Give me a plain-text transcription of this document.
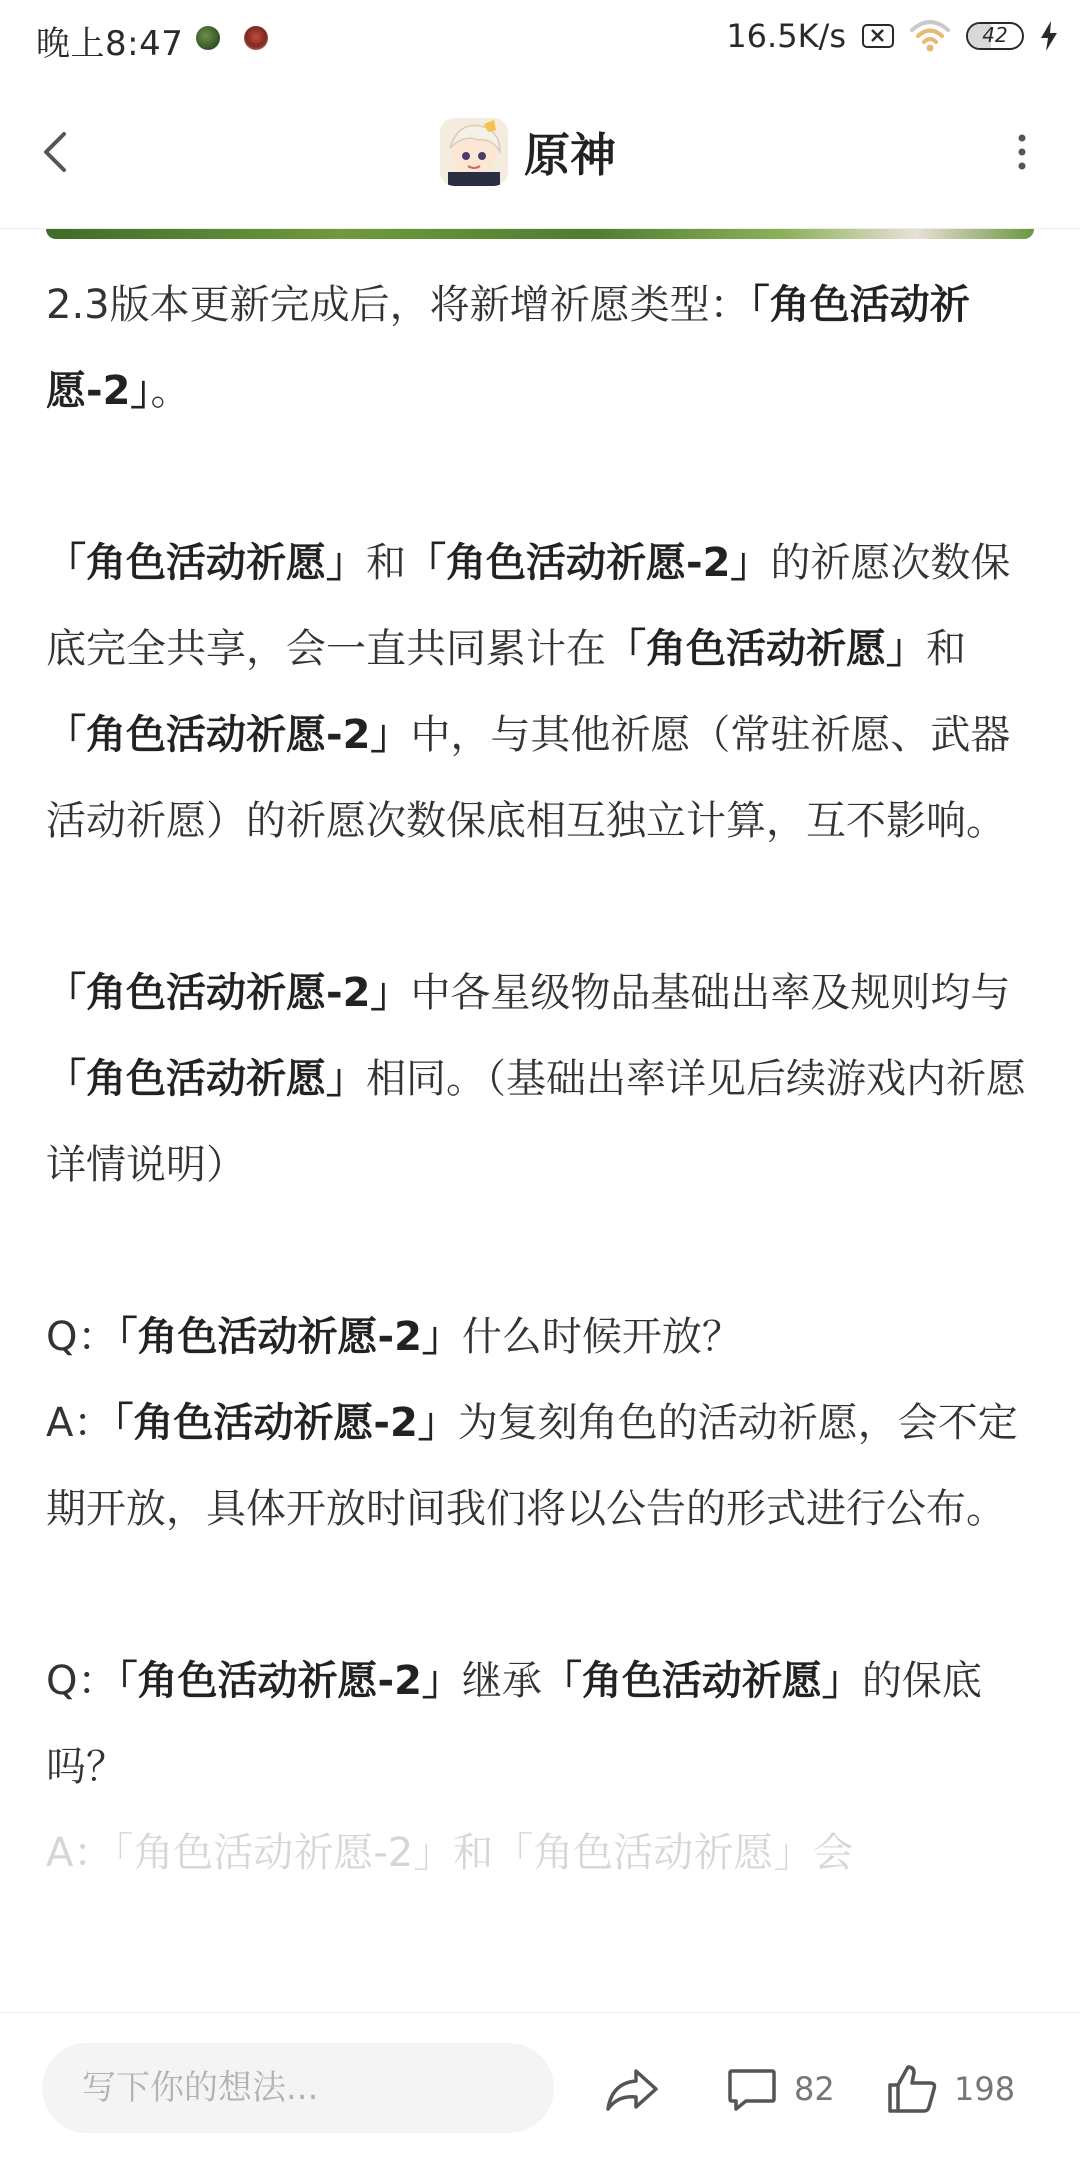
晚上8:47	16.5K/s	42
原神

2.3版本更新完成后，将新增祈愿类型：「角色活动祈愿-2」。

「角色活动祈愿」和「角色活动祈愿-2」的祈愿次数保底完全共享，会一直共同累计在「角色活动祈愿」和「角色活动祈愿-2」中，与其他祈愿（常驻祈愿、武器活动祈愿）的祈愿次数保底相互独立计算，互不影响。

「角色活动祈愿-2」中各星级物品基础出率及规则均与「角色活动祈愿」相同。（基础出率详见后续游戏内祈愿详情说明）

Q：「角色活动祈愿-2」什么时候开放？

A：「角色活动祈愿-2」为复刻角色的活动祈愿，会不定期开放，具体开放时间我们将以公告的形式进行公布。

Q：「角色活动祈愿-2」继承「角色活动祈愿」的保底吗？

A：「角色活动祈愿-2」和「角色活动祈愿」会

写下你的想法...
82	198
